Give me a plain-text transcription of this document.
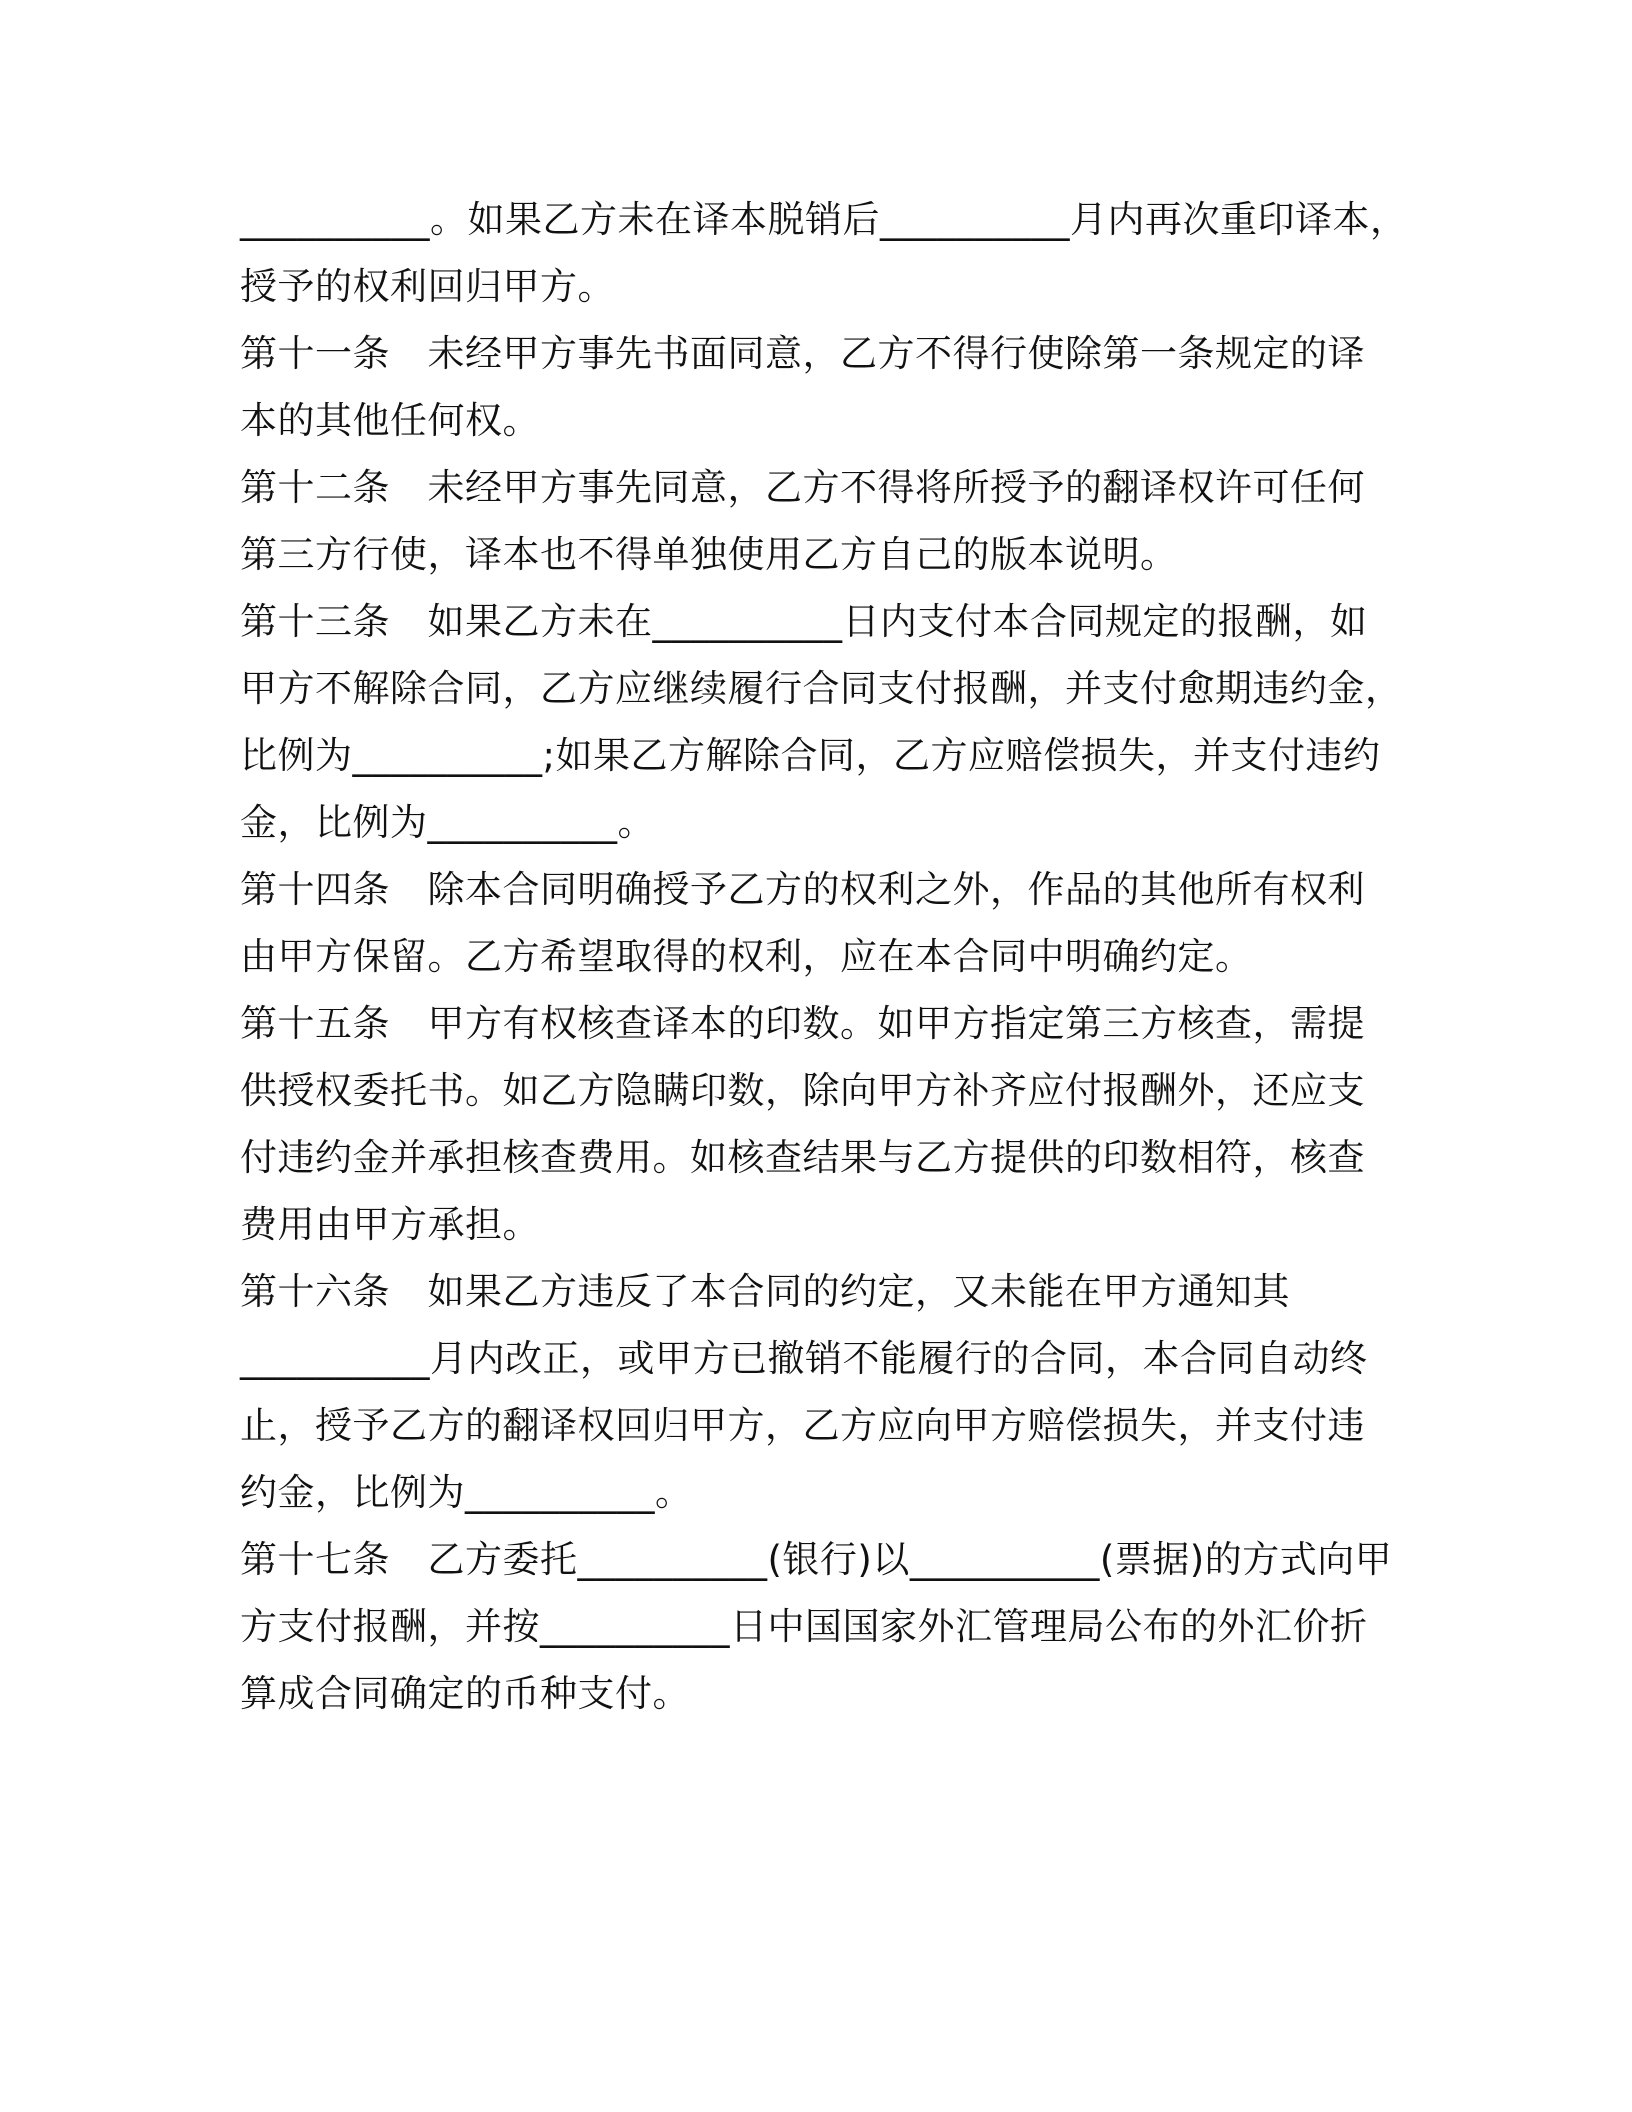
__________。如果乙方未在译本脱销后__________月内再次重印译本，
授予的权利回归甲方。
第十一条　未经甲方事先书面同意，乙方不得行使除第一条规定的译
本的其他任何权。
第十二条　未经甲方事先同意，乙方不得将所授予的翻译权许可任何
第三方行使，译本也不得单独使用乙方自己的版本说明。
第十三条　如果乙方未在__________日内支付本合同规定的报酬，如
甲方不解除合同，乙方应继续履行合同支付报酬，并支付愈期违约金，
比例为__________;如果乙方解除合同，乙方应赔偿损失，并支付违约
金，比例为__________。
第十四条　除本合同明确授予乙方的权利之外，作品的其他所有权利
由甲方保留。乙方希望取得的权利，应在本合同中明确约定。
第十五条　甲方有权核查译本的印数。如甲方指定第三方核查，需提
供授权委托书。如乙方隐瞒印数，除向甲方补齐应付报酬外，还应支
付违约金并承担核查费用。如核查结果与乙方提供的印数相符，核查
费用由甲方承担。
第十六条　如果乙方违反了本合同的约定，又未能在甲方通知其
__________月内改正，或甲方已撤销不能履行的合同，本合同自动终
止，授予乙方的翻译权回归甲方，乙方应向甲方赔偿损失，并支付违
约金，比例为__________。
第十七条　乙方委托__________(银行)以__________(票据)的方式向甲
方支付报酬，并按__________日中国国家外汇管理局公布的外汇价折
算成合同确定的币种支付。
